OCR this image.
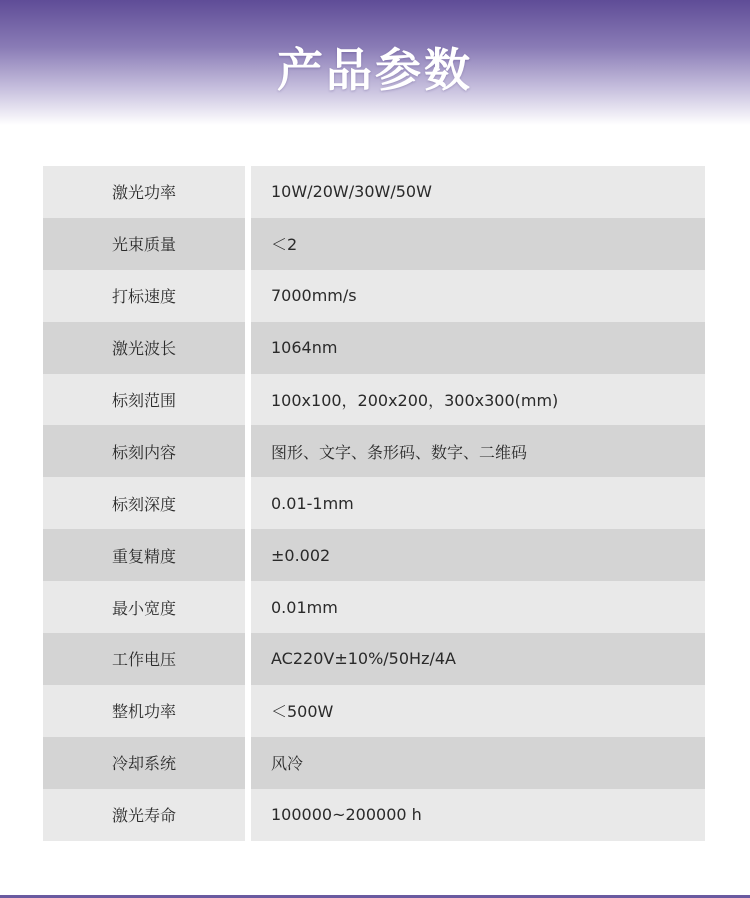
产品参数
激光功率	10W/20W/30W/50W
光束质量	＜2
打标速度	7000mm/s
激光波长	1064nm
标刻范围	100x100，200x200，300x300(mm)
标刻内容	图形、文字、条形码、数字、二维码
标刻深度	0.01-1mm
重复精度	±0.002
最小宽度	0.01mm
工作电压	AC220V±10%/50Hz/4A
整机功率	＜500W
冷却系统	风冷
激光寿命	100000~200000 h
